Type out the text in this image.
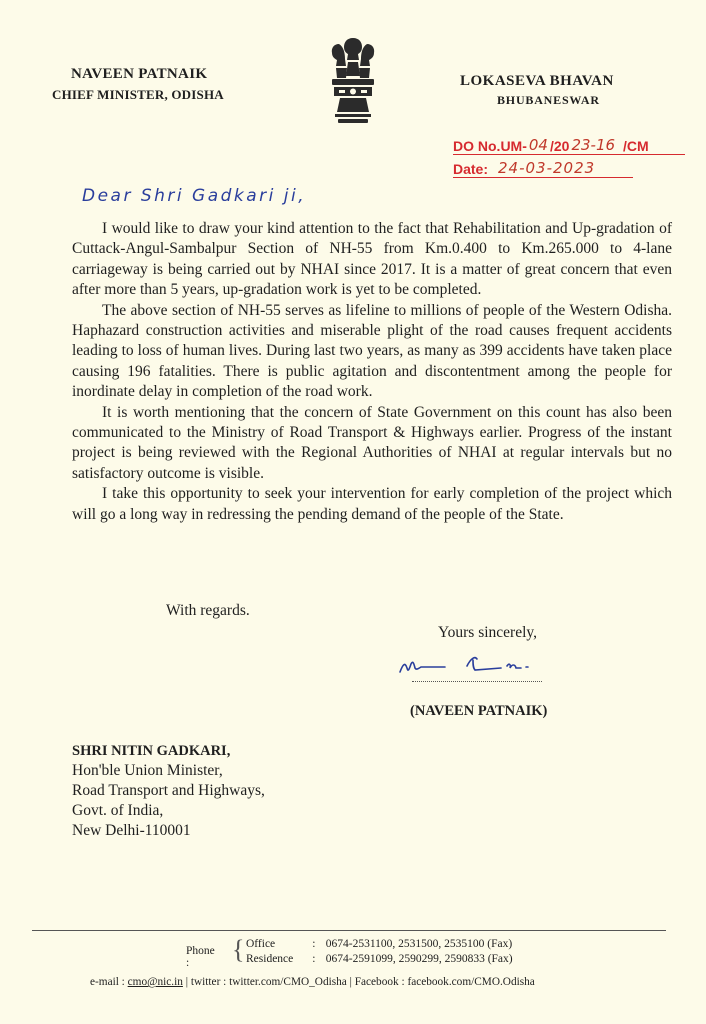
NAVEEN PATNAIK
CHIEF MINISTER, ODISHA
LOKASEVA BHAVAN
BHUBANESWAR
DO No.UM- 04 /20 23-16 /CM
Date: 24-03-2023
Dear Shri Gadkari ji,

I would like to draw your kind attention to the fact that Rehabilitation and Up-gradation of Cuttack-Angul-Sambalpur Section of NH-55 from Km.0.400 to Km.265.000 to 4-lane carriageway is being carried out by NHAI since 2017. It is a matter of great concern that even after more than 5 years, up-gradation work is yet to be completed.

The above section of NH-55 serves as lifeline to millions of people of the Western Odisha. Haphazard construction activities and miserable plight of the road causes frequent accidents leading to loss of human lives. During last two years, as many as 399 accidents have taken place causing 196 fatalities. There is public agitation and discontentment among the people for inordinate delay in completion of the road work.

It is worth mentioning that the concern of State Government on this count has also been communicated to the Ministry of Road Transport & Highways earlier. Progress of the instant project is being reviewed with the Regional Authorities of NHAI at regular intervals but no satisfactory outcome is visible.

I take this opportunity to seek your intervention for early completion of the project which will go a long way in redressing the pending demand of the people of the State.

With regards.
Yours sincerely,
(NAVEEN PATNAIK)
SHRI NITIN GADKARI,
Hon'ble Union Minister,
Road Transport and Highways,
Govt. of India,
New Delhi-110001
Phone :	{ Office	: 0674-2531100, 2531500, 2535100 (Fax)
Residence : 0674-2591099, 2590299, 2590833 (Fax)
e-mail : cmo@nic.in | twitter : twitter.com/CMO_Odisha | Facebook : facebook.com/CMO.Odisha
